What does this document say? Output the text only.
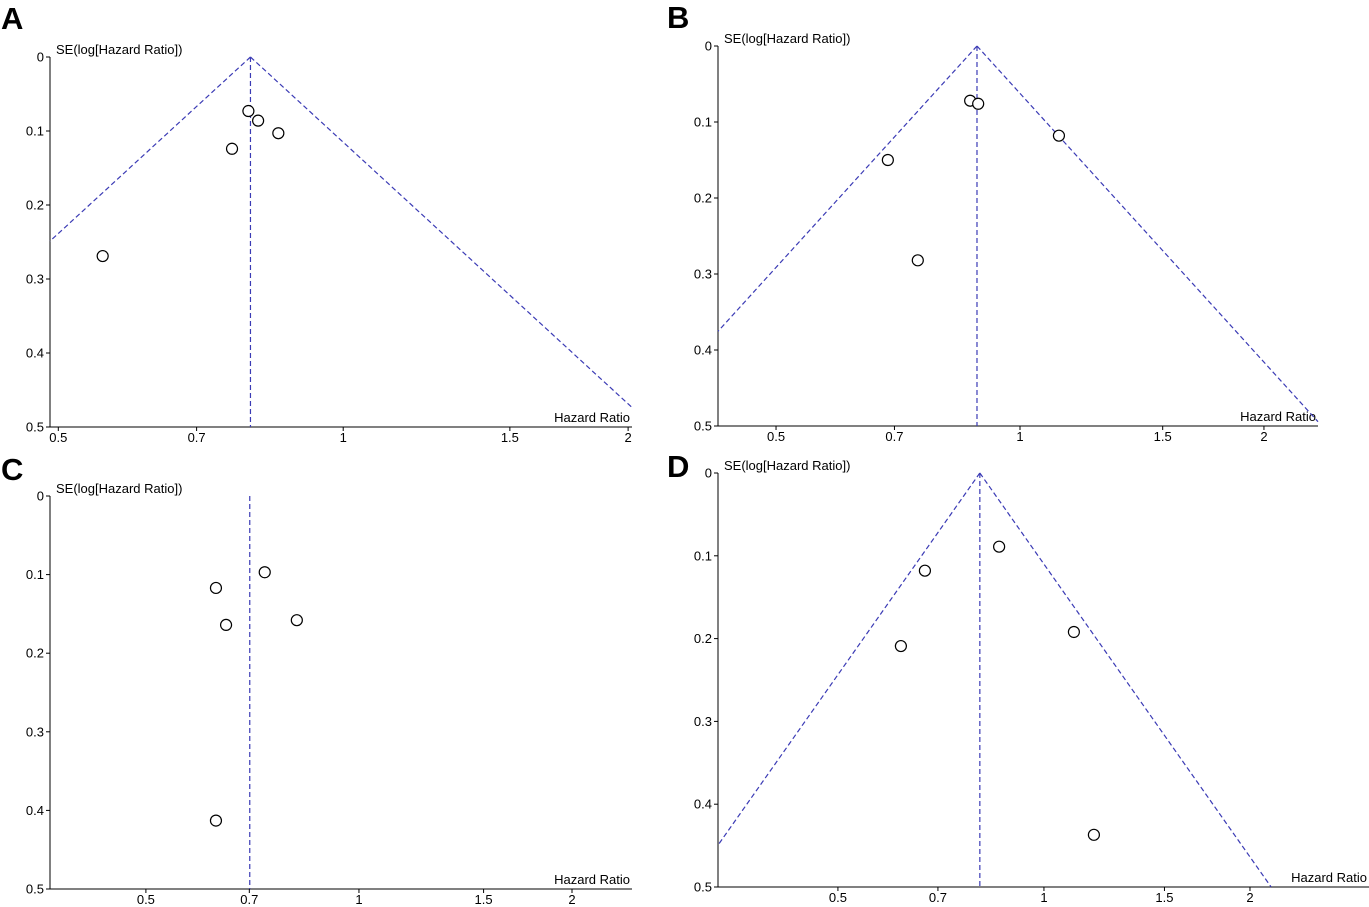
A
0
0.1
0.2
0.3
0.4
0.5
0.5	0.7	1	1.5	2
SE(log[Hazard Ratio])
Hazard Ratio
B
0
0.1
0.2
0.3
0.4
0.5
0.5	0.7	1	1.5	2
SE(log[Hazard Ratio])
Hazard Ratio
C
0
0.1
0.2
0.3
0.4
0.5
0.5	0.7	1	1.5	2
SE(log[Hazard Ratio])
Hazard Ratio
D 0
0.1
0.2
0.3
0.4
0.5
0.5	0.7	1	1.5	2
SE(log[Hazard Ratio])
Hazard Ratio
